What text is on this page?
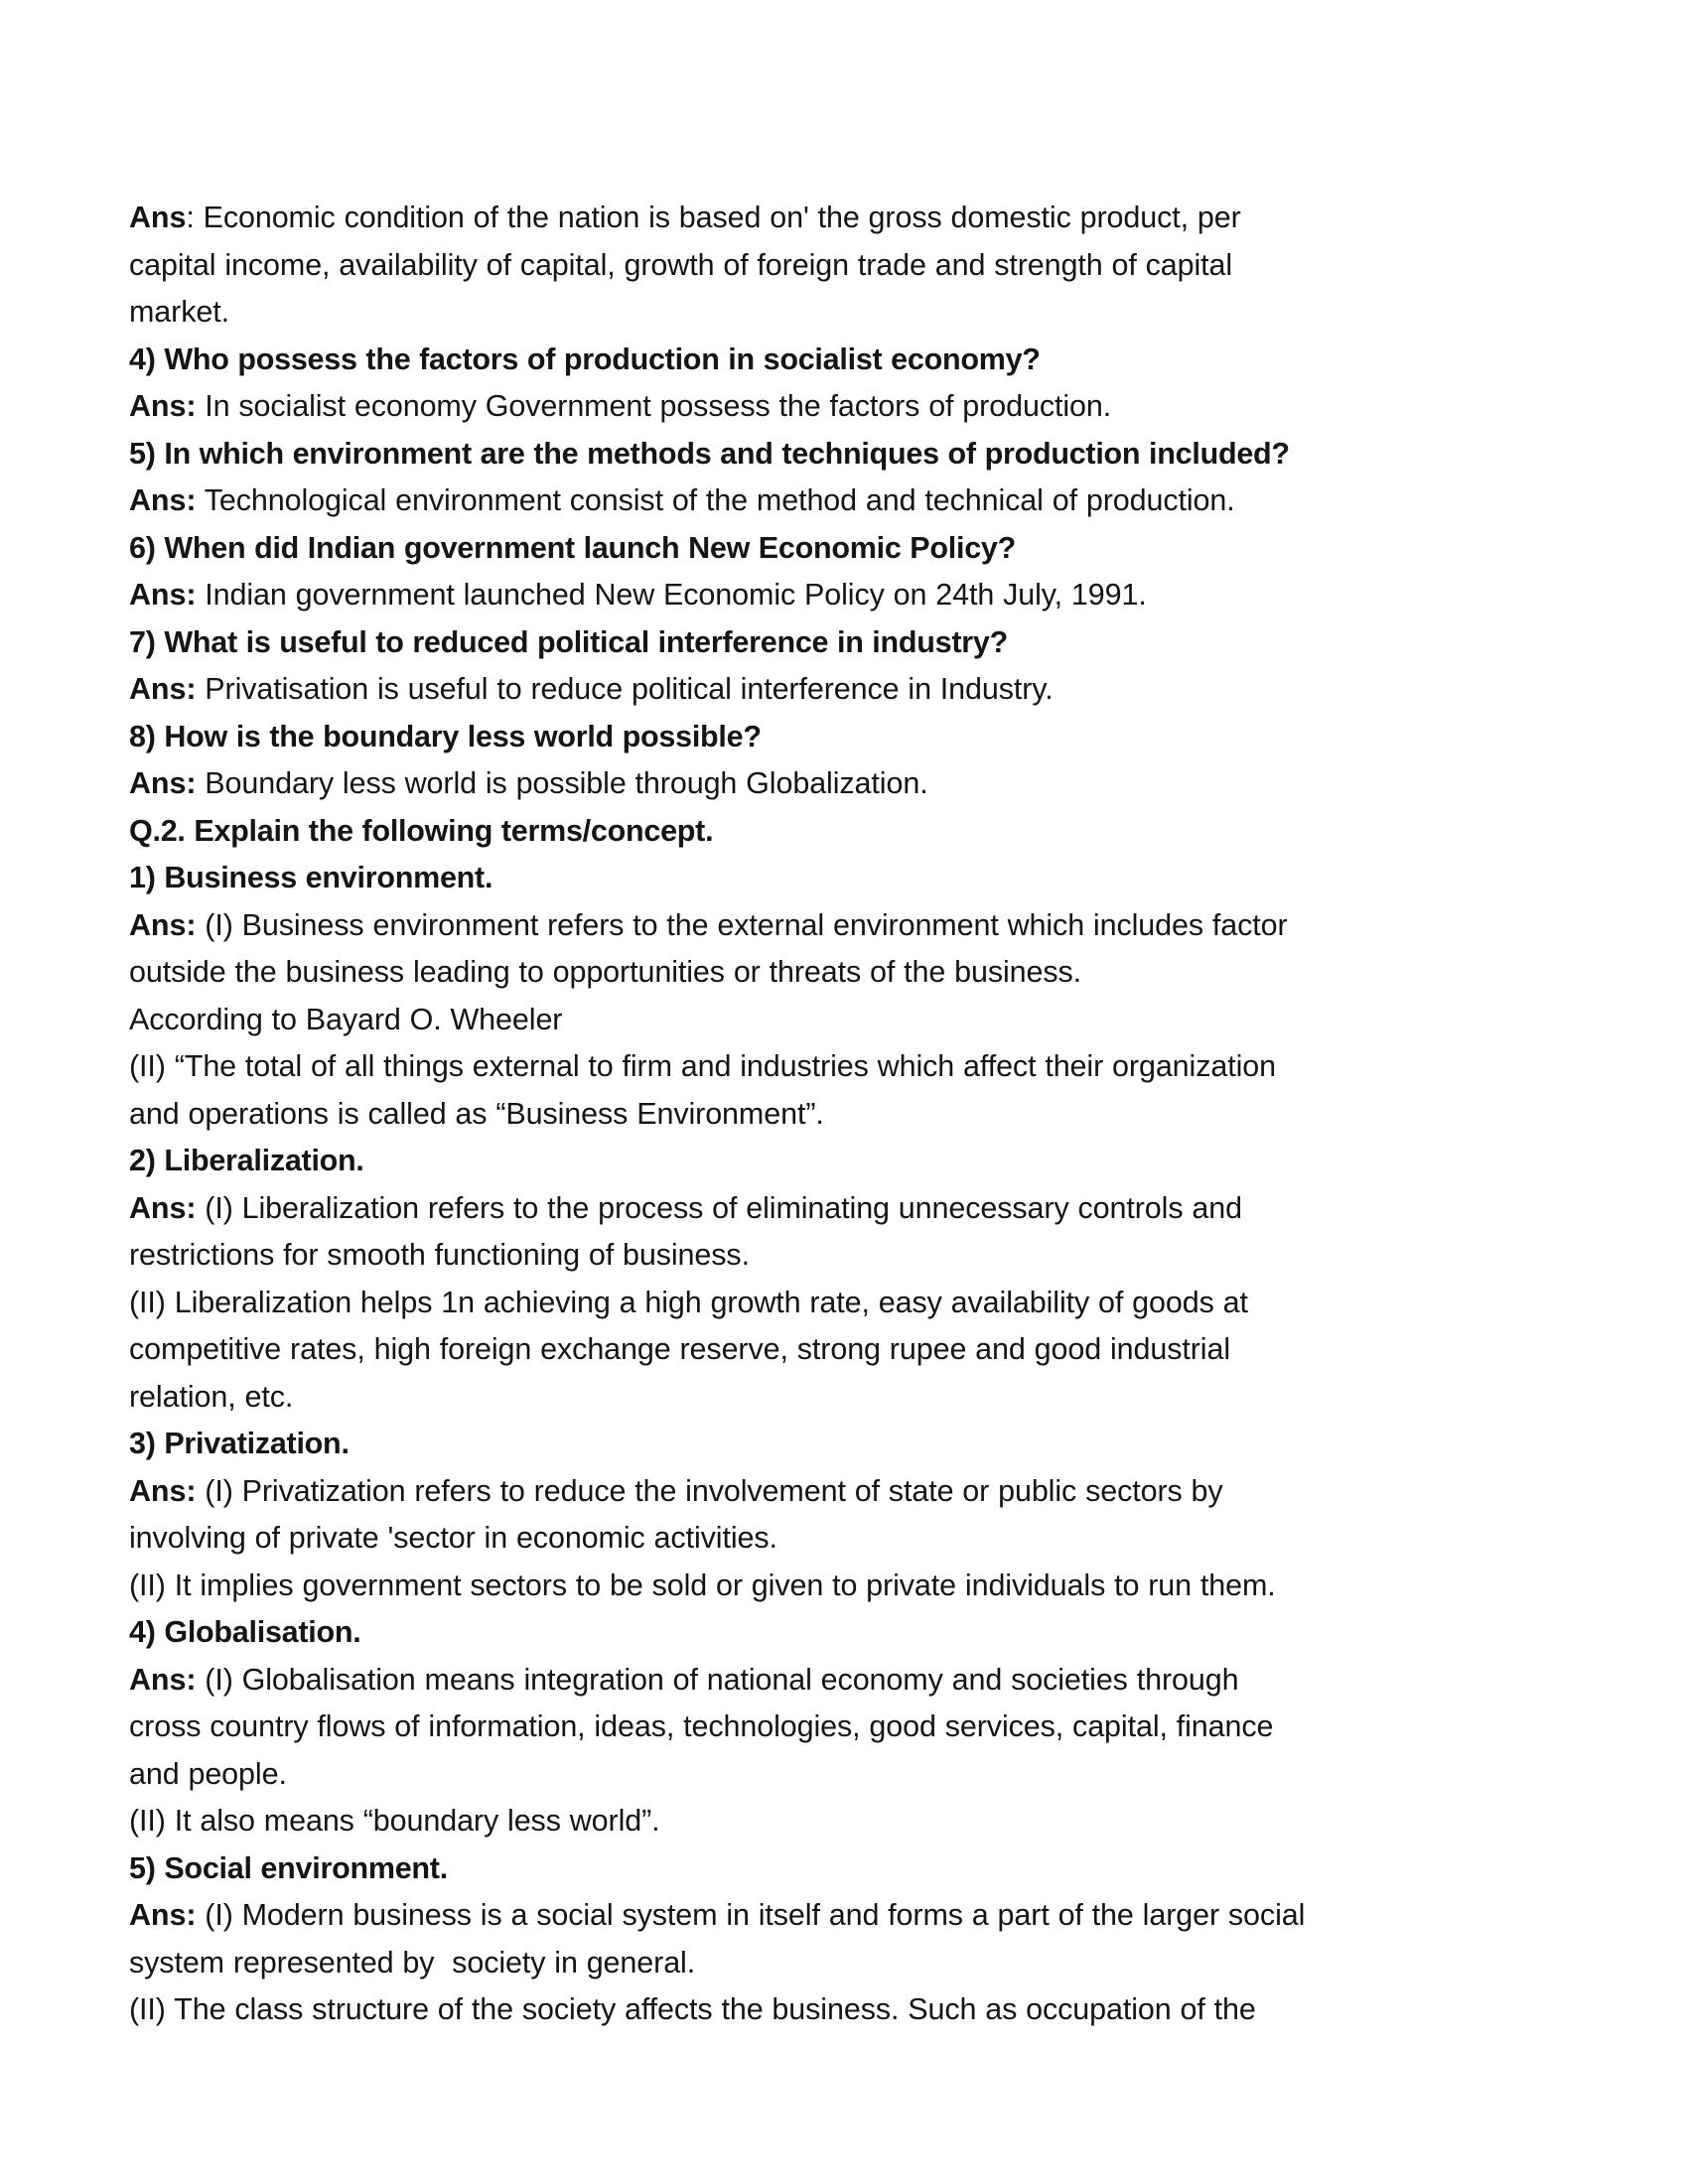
Ans: Economic condition of the nation is based on' the gross domestic product, per
capital income, availability of capital, growth of foreign trade and strength of capital
market.
4) Who possess the factors of production in socialist economy?
Ans: In socialist economy Government possess the factors of production.
5) In which environment are the methods and techniques of production included?
Ans: Technological environment consist of the method and technical of production.
6) When did Indian government launch New Economic Policy?
Ans: Indian government launched New Economic Policy on 24th July, 1991.
7) What is useful to reduced political interference in industry?
Ans: Privatisation is useful to reduce political interference in Industry.
8) How is the boundary less world possible?
Ans: Boundary less world is possible through Globalization.
Q.2. Explain the following terms/concept.
1) Business environment.
Ans: (I) Business environment refers to the external environment which includes factor
outside the business leading to opportunities or threats of the business.
According to Bayard O. Wheeler
(II) “The total of all things external to firm and industries which affect their organization
and operations is called as “Business Environment”.
2) Liberalization.
Ans: (I) Liberalization refers to the process of eliminating unnecessary controls and
restrictions for smooth functioning of business.
(II) Liberalization helps 1n achieving a high growth rate, easy availability of goods at
competitive rates, high foreign exchange reserve, strong rupee and good industrial
relation, etc.
3) Privatization.
Ans: (I) Privatization refers to reduce the involvement of state or public sectors by
involving of private 'sector in economic activities.
(II) It implies government sectors to be sold or given to private individuals to run them.
4) Globalisation.
Ans: (I) Globalisation means integration of national economy and societies through
cross country flows of information, ideas, technologies, good services, capital, finance
and people.
(II) It also means “boundary less world”.
5) Social environment.
Ans: (I) Modern business is a social system in itself and forms a part of the larger social
system represented by  society in general.
(II) The class structure of the society affects the business. Such as occupation of the
